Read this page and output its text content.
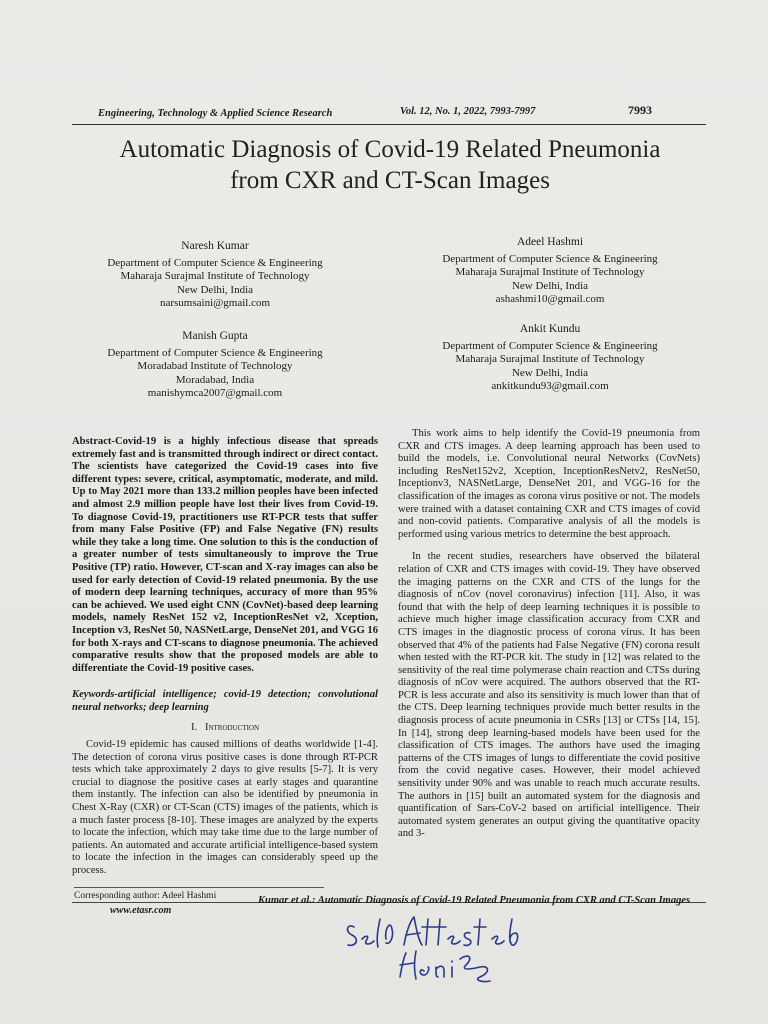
Engineering, Technology & Applied Science Research	Vol. 12, No. 1, 2022, 7993-7997	7993
Automatic Diagnosis of Covid-19 Related Pneumonia
from CXR and CT-Scan Images
Naresh Kumar
Department of Computer Science & Engineering
Maharaja Surajmal Institute of Technology
New Delhi, India
narsumsaini@gmail.com
Adeel Hashmi
Department of Computer Science & Engineering
Maharaja Surajmal Institute of Technology
New Delhi, India
ashashmi10@gmail.com
Manish Gupta
Department of Computer Science & Engineering
Moradabad Institute of Technology
Moradabad, India
manishymca2007@gmail.com
Ankit Kundu
Department of Computer Science & Engineering
Maharaja Surajmal Institute of Technology
New Delhi, India
ankitkundu93@gmail.com

Abstract-Covid-19 is a highly infectious disease that spreads extremely fast and is transmitted through indirect or direct contact. The scientists have categorized the Covid-19 cases into five different types: severe, critical, asymptomatic, moderate, and mild. Up to May 2021 more than 133.2 million peoples have been infected and almost 2.9 million people have lost their lives from Covid-19. To diagnose Covid-19, practitioners use RT-PCR tests that suffer from many False Positive (FP) and False Negative (FN) results while they take a long time. One solution to this is the conduction of a greater number of tests simultaneously to improve the True Positive (TP) ratio. However, CT-scan and X-ray images can also be used for early detection of Covid-19 related pneumonia. By the use of modern deep learning techniques, accuracy of more than 95% can be achieved. We used eight CNN (CovNet)-based deep learning models, namely ResNet 152 v2, InceptionResNet v2, Xception, Inception v3, ResNet 50, NASNetLarge, DenseNet 201, and VGG 16 for both X-rays and CT-scans to diagnose pneumonia. The achieved comparative results show that the proposed models are able to differentiate the Covid-19 positive cases.

Keywords-artificial intelligence; covid-19 detection; convolutional neural networks; deep learning

I. Introduction

Covid-19 epidemic has caused millions of deaths worldwide [1-4]. The detection of corona virus positive cases is done through RT-PCR tests which take approximately 2 days to give results [5-7]. It is very crucial to diagnose the positive cases at early stages and quarantine them instantly. The infection can also be identified by pneumonia in Chest X-Ray (CXR) or CT-Scan (CTS) images of the patients, which is a much faster process [8-10]. These images are analyzed by the experts to locate the infection, which may take time due to the large number of patients. An automated and accurate artificial intelligence-based system to locate the infection in the images can considerably speed up the process.

This work aims to help identify the Covid-19 pneumonia from CXR and CTS images. A deep learning approach has been used to build the models, i.e. Convolutional neural Networks (CovNets) including ResNet152v2, Xception, InceptionResNetv2, ResNet50, Inceptionv3, NASNetLarge, DenseNet 201, and VGG-16 for the classification of the images as corona virus positive or not. The models were trained with a dataset containing CXR and CTS images of covid and non-covid patients. Comparative analysis of all the models is performed using various metrics to determine the best approach.

In the recent studies, researchers have observed the bilateral relation of CXR and CTS images with covid-19. They have observed the imaging patterns on the CXR and CTS of the lungs for the diagnosis of nCov (novel coronavirus) infection [11]. Also, it was found that with the help of deep learning techniques it is possible to achieve much higher image classification accuracy from CXR and CTS images in the diagnostic process of corona virus. It has been observed that 4% of the patients had False Negative (FN) corona result when tested with the RT-PCR kit. The study in [12] was related to the sensitivity of the real time polymerase chain reaction and CTSs during diagnosis of nCov were acquired. The authors observed that the RT-PCR is less accurate and also its sensitivity is much lower than that of the CTS. Deep learning techniques provide much better results in the diagnosis process of acute pneumonia in CSRs [13] or CTSs [14, 15]. In [14], strong deep learning-based models have been used for the classification of CTS images. The authors have used the imaging patterns of the CTS images of lungs to differentiate the covid positive from the covid negative cases. However, their model achieved sensitivity under 90% and was unable to reach much accurate results. The authors in [15] built an automated system for the diagnosis and quantification of Sars-CoV-2 based on artificial intelligence. Their automated system generates an output giving the quantitative opacity and 3-

Corresponding author: Adeel Hashmi
www.etasr.com
Kumar et al.: Automatic Diagnosis of Covid-19 Related Pneumonia from CXR and CT-Scan Images
